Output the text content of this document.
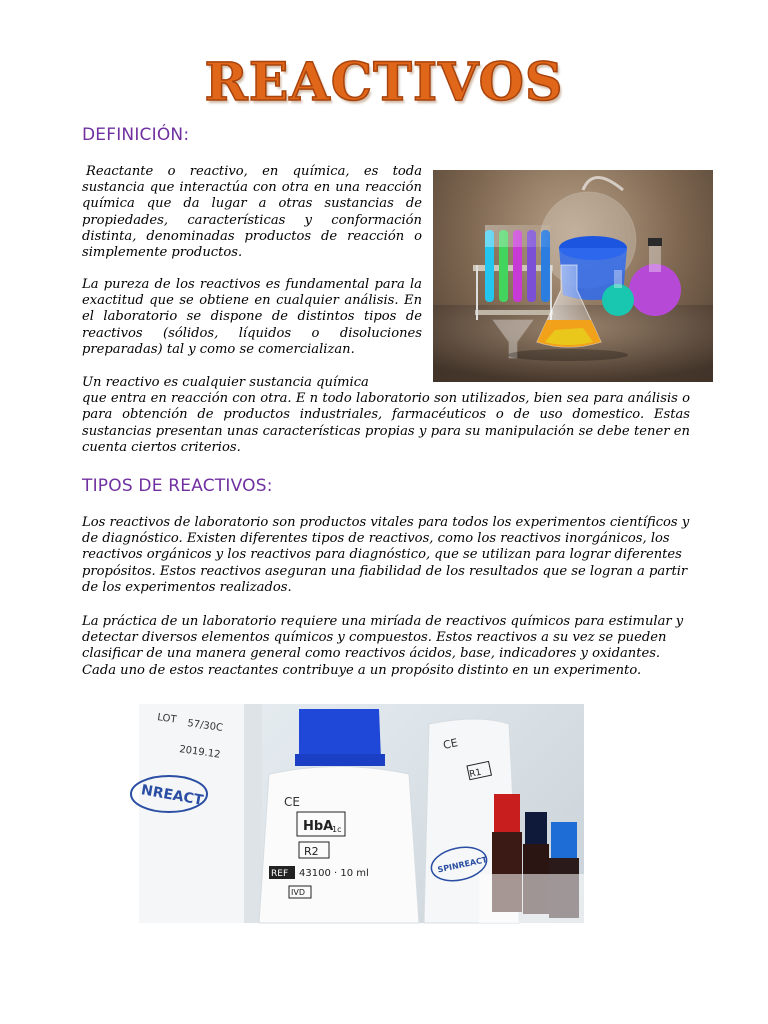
REACTIVOS
DEFINICIÓN:

Reactante o reactivo, en química, es toda sustancia que interactúa con otra en una reacción química que da lugar a otras sustancias de propiedades, características y conformación distinta, denominadas productos de reacción o simplemente productos.

La pureza de los reactivos es fundamental para la exactitud que se obtiene en cualquier análisis. En el laboratorio se dispone de distintos tipos de reactivos (sólidos, líquidos o disoluciones preparadas) tal y como se comercializan.

Un reactivo es cualquier sustancia química
que entra en reacción con otra. E n todo laboratorio son utilizados, bien sea para análisis o para obtención de productos industriales, farmacéuticos o de uso domestico. Estas sustancias presentan unas características propias y para su manipulación se debe tener en cuenta ciertos criterios.

TIPOS DE REACTIVOS:

Los reactivos de laboratorio son productos vitales para todos los experimentos científicos y de diagnóstico. Existen diferentes tipos de reactivos, como los reactivos inorgánicos, los reactivos orgánicos y los reactivos para diagnóstico, que se utilizan para lograr diferentes propósitos. Estos reactivos aseguran una fiabilidad de los resultados que se logran a partir de los experimentos realizados.

La práctica de un laboratorio requiere una miríada de reactivos químicos para estimular y detectar diversos elementos químicos y compuestos. Estos reactivos a su vez se pueden clasificar de una manera general como reactivos ácidos, base, indicadores y oxidantes. Cada uno de estos reactantes contribuye a un propósito distinto en un experimento.

LOT 57/30C
2019.12
NREACT	CE
HbA
1c
R2
REF 43100 · 10 ml
IVD
CE
R1
SPINREACT
